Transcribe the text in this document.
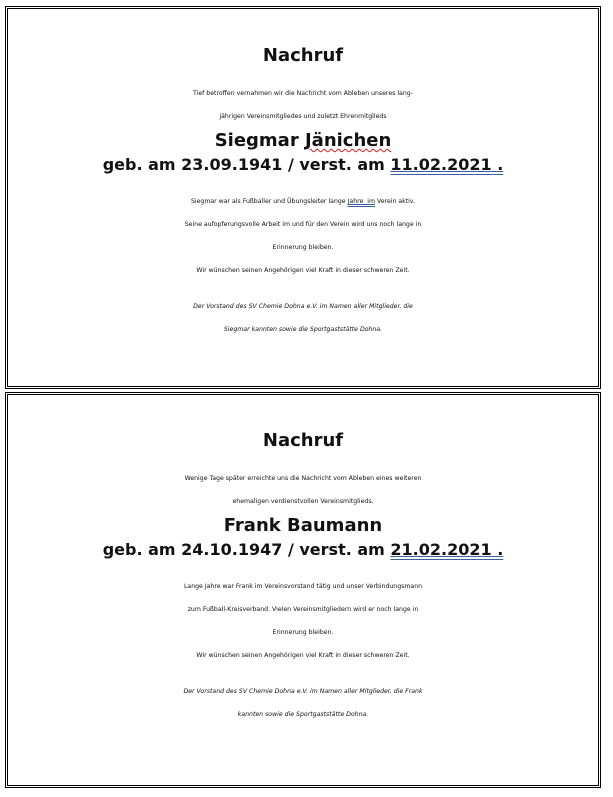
Nachruf

Tief betroffen vernahmen wir die Nachricht vom Ableben unseres lang-
jährigen Vereinsmitgliedes und zuletzt Ehrenmitglieds

Siegmar Jänichen

geb. am 23.09.1941 / verst. am 11.02.2021 .

Siegmar war als Fußballer und Übungsleiter lange Jahre  im Verein aktiv.
Seine aufopferungsvolle Arbeit im und für den Verein wird uns noch lange in
Erinnerung bleiben.
Wir wünschen seinen Angehörigen viel Kraft in dieser schweren Zeit.
Der Vorstand des SV Chemie Dohna e.V. im Namen aller Mitglieder, die
Siegmar kannten sowie die Sportgaststätte Dohna.

Nachruf

Wenige Tage später erreichte uns die Nachricht vom Ableben eines weiteren
ehemaligen verdienstvollen Vereinsmitglieds.

Frank Baumann

geb. am 24.10.1947 / verst. am 21.02.2021 .

Lange Jahre war Frank im Vereinsvorstand tätig und unser Verbindungsmann
zum Fußball-Kreisverband. Vielen Vereinsmitgliedern wird er noch lange in
Erinnerung bleiben.
Wir wünschen seinen Angehörigen viel Kraft in dieser schweren Zeit.
Der Vorstand des SV Chemie Dohna e.V. im Namen aller Mitglieder, die Frank
kannten sowie die Sportgaststätte Dohna.
